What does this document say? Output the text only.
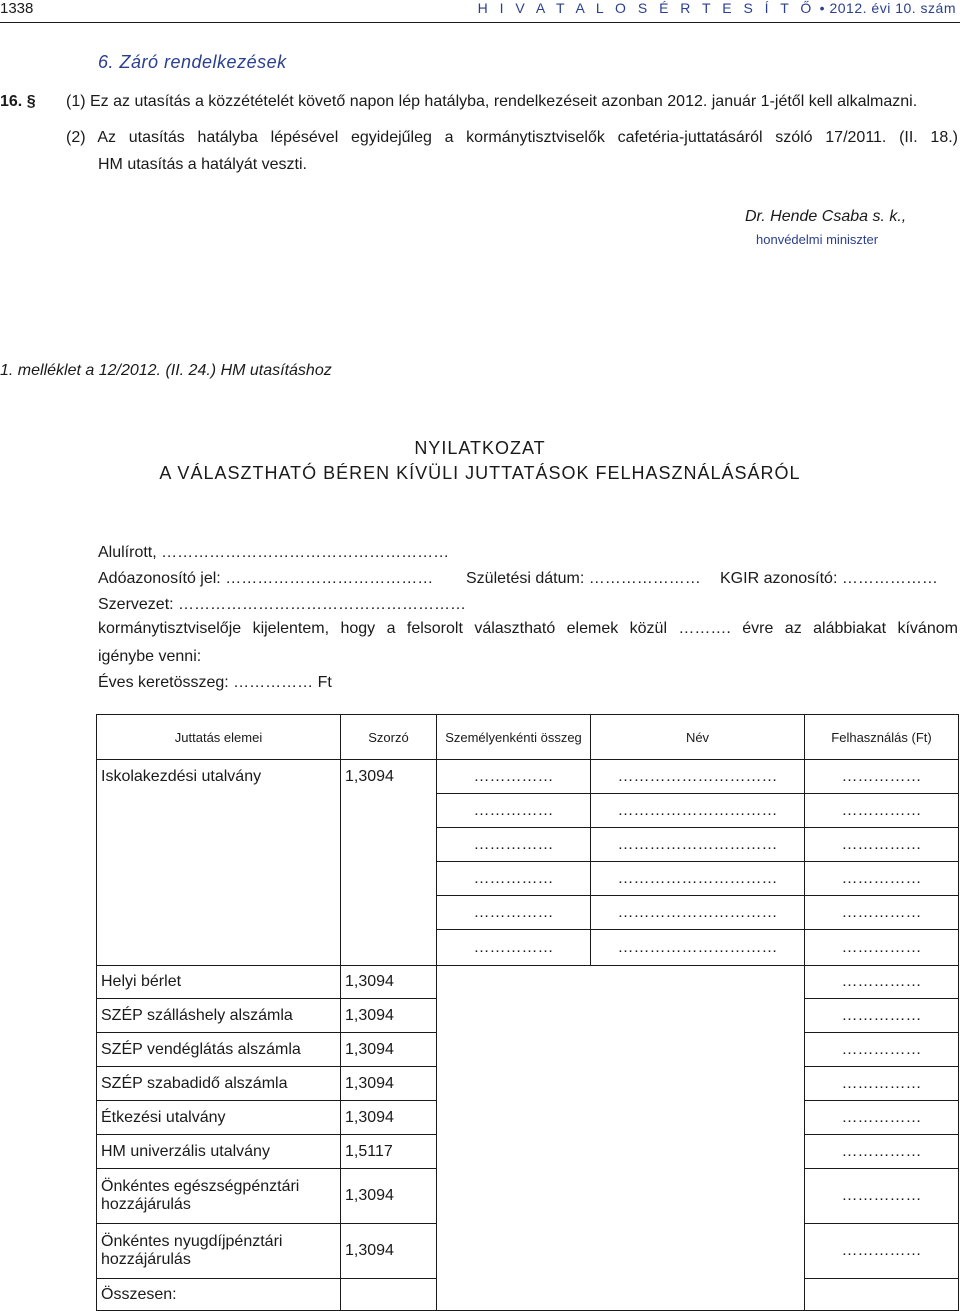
1338	H I V A T A L O S É R T E S Í T Ő • 2012. évi 10. szám
6. Záró rendelkezések
16. § (1) Ez az utasítás a közzétételét követő napon lép hatályba, rendelkezéseit azonban 2012. január 1-jétől kell alkalmazni.
(2) Az utasítás hatályba lépésével egyidejűleg a kormánytisztviselők cafetéria-juttatásáról szóló 17/2011. (II. 18.)
HM utasítás a hatályát veszti.
Dr. Hende Csaba s. k.,
honvédelmi miniszter
1. melléklet a 12/2012. (II. 24.) HM utasításhoz
NYILATKOZAT
A VÁLASZTHATÓ BÉREN KÍVÜLI JUTTATÁSOK FELHASZNÁLÁSÁRÓL
Alulírott, ………………………………………………
Adóazonosító jel: ………………………………… Születési dátum: ………………… KGIR azonosító: ………………
Szervezet: ………………………………………………
kormánytisztviselője kijelentem, hogy a felsorolt választható elemek közül ………. évre az alábbiakat kívánom
igénybe venni:
Éves keretösszeg: …………… Ft
Juttatás elemei	Szorzó	Személyenkénti összeg	Név	Felhasználás (Ft)
Iskolakezdési utalvány	1,3094	……………	…………………………	……………
		……………	…………………………	……………
		……………	…………………………	……………
		……………	…………………………	……………
		……………	…………………………	……………
		……………	…………………………	……………
Helyi bérlet	1,3094			……………
SZÉP szálláshely alszámla	1,3094			……………
SZÉP vendéglátás alszámla	1,3094			……………
SZÉP szabadidő alszámla	1,3094			……………
Étkezési utalvány	1,3094			……………
HM univerzális utalvány	1,5117			……………
Önkéntes egészségpénztári hozzájárulás	1,3094			……………
Önkéntes nyugdíjpénztári hozzájárulás	1,3094			……………
Összesen:				
